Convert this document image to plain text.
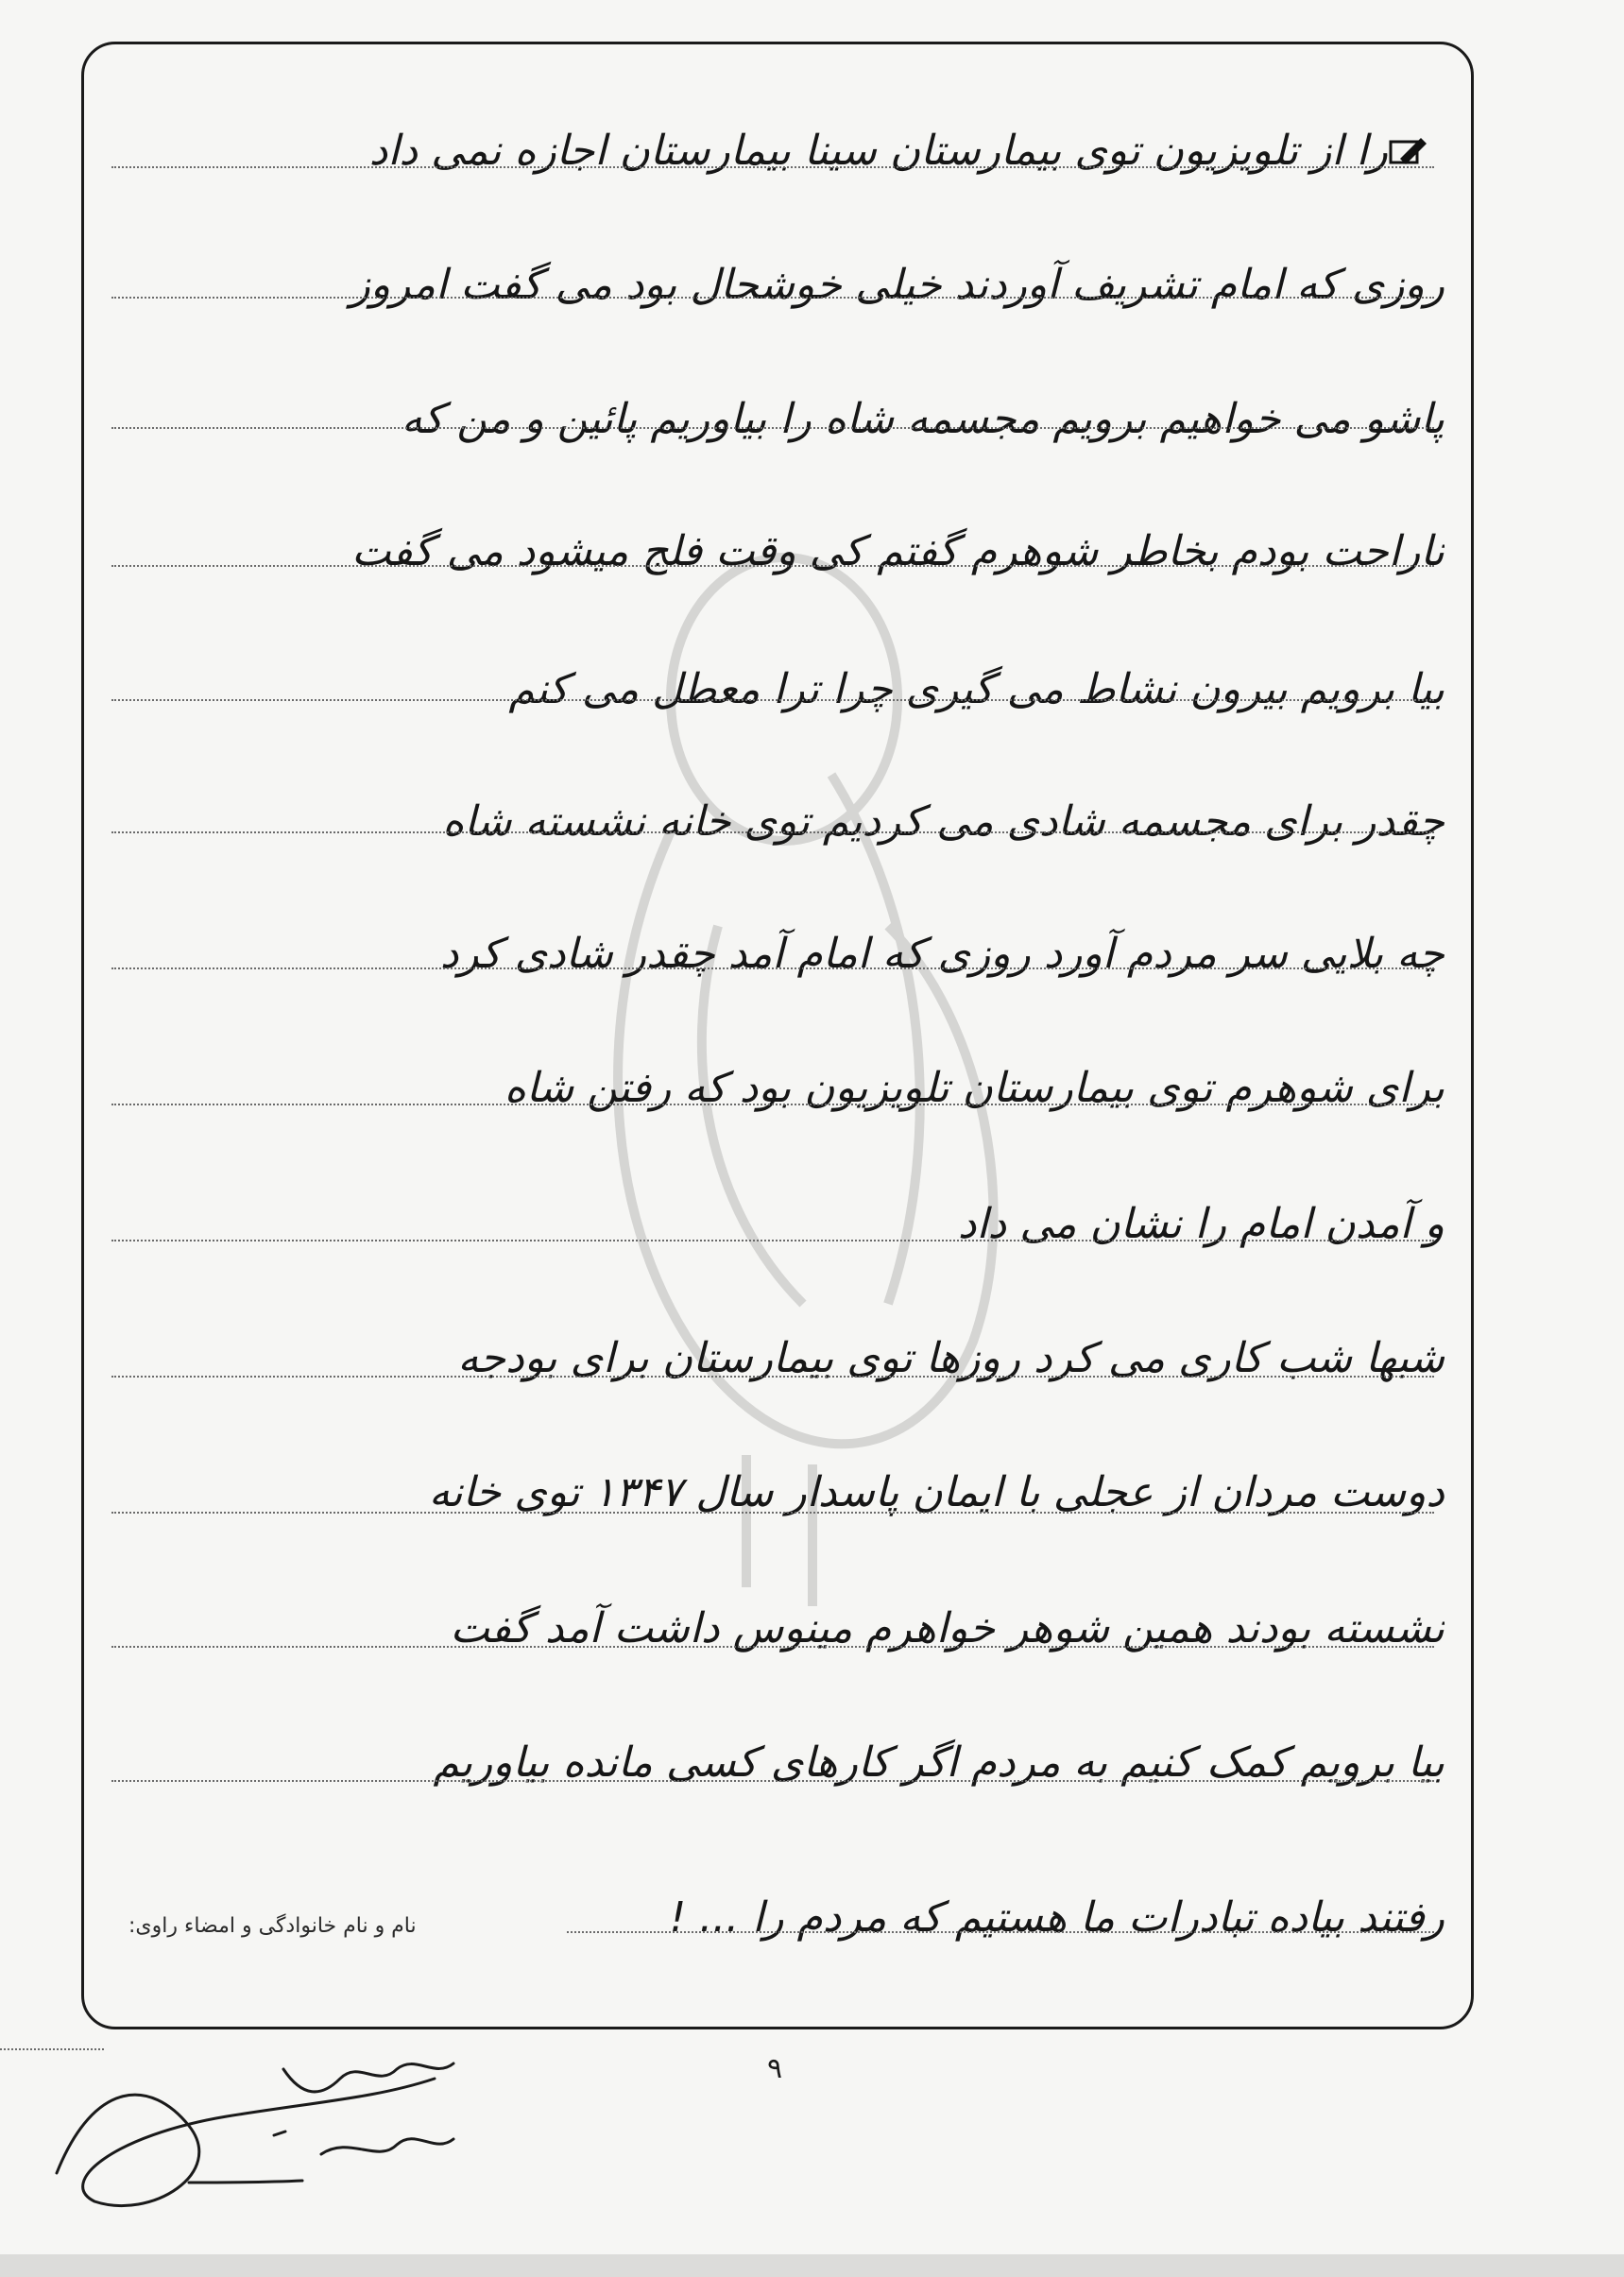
را از تلویزیون توی بیمارستان سینا بیمارستان اجازه نمی داد
روزی که امام تشریف آوردند خیلی خوشحال بود می گفت امروز
پاشو می خواهیم برویم مجسمه شاه را بیاوریم پائین و من که
ناراحت بودم بخاطر شوهرم گفتم کی وقت فلج میشود می گفت
بیا برویم بیرون نشاط می گیری چرا ترا معطل می کنم
چقدر برای مجسمه شادی می کردیم توی خانه نشسته شاه
چه بلایی سر مردم آورد روزی که امام آمد چقدر شادی کرد
برای شوهرم توی بیمارستان تلویزیون بود که رفتن شاه
و آمدن امام را نشان می داد
شبها شب کاری می کرد روزها توی بیمارستان برای بودجه
دوست مردان از عجلی با ایمان پاسدار سال ۱۳۴۷ توی خانه
نشسته بودند همین شوهر خواهرم مینوس داشت آمد گفت
بیا برویم کمک کنیم به مردم اگر کارهای کسی مانده بیاوریم
رفتند بیاده تبادرات ما هستیم که مردم را ... !
نام و نام خانوادگی و امضاء راوی:
۹
